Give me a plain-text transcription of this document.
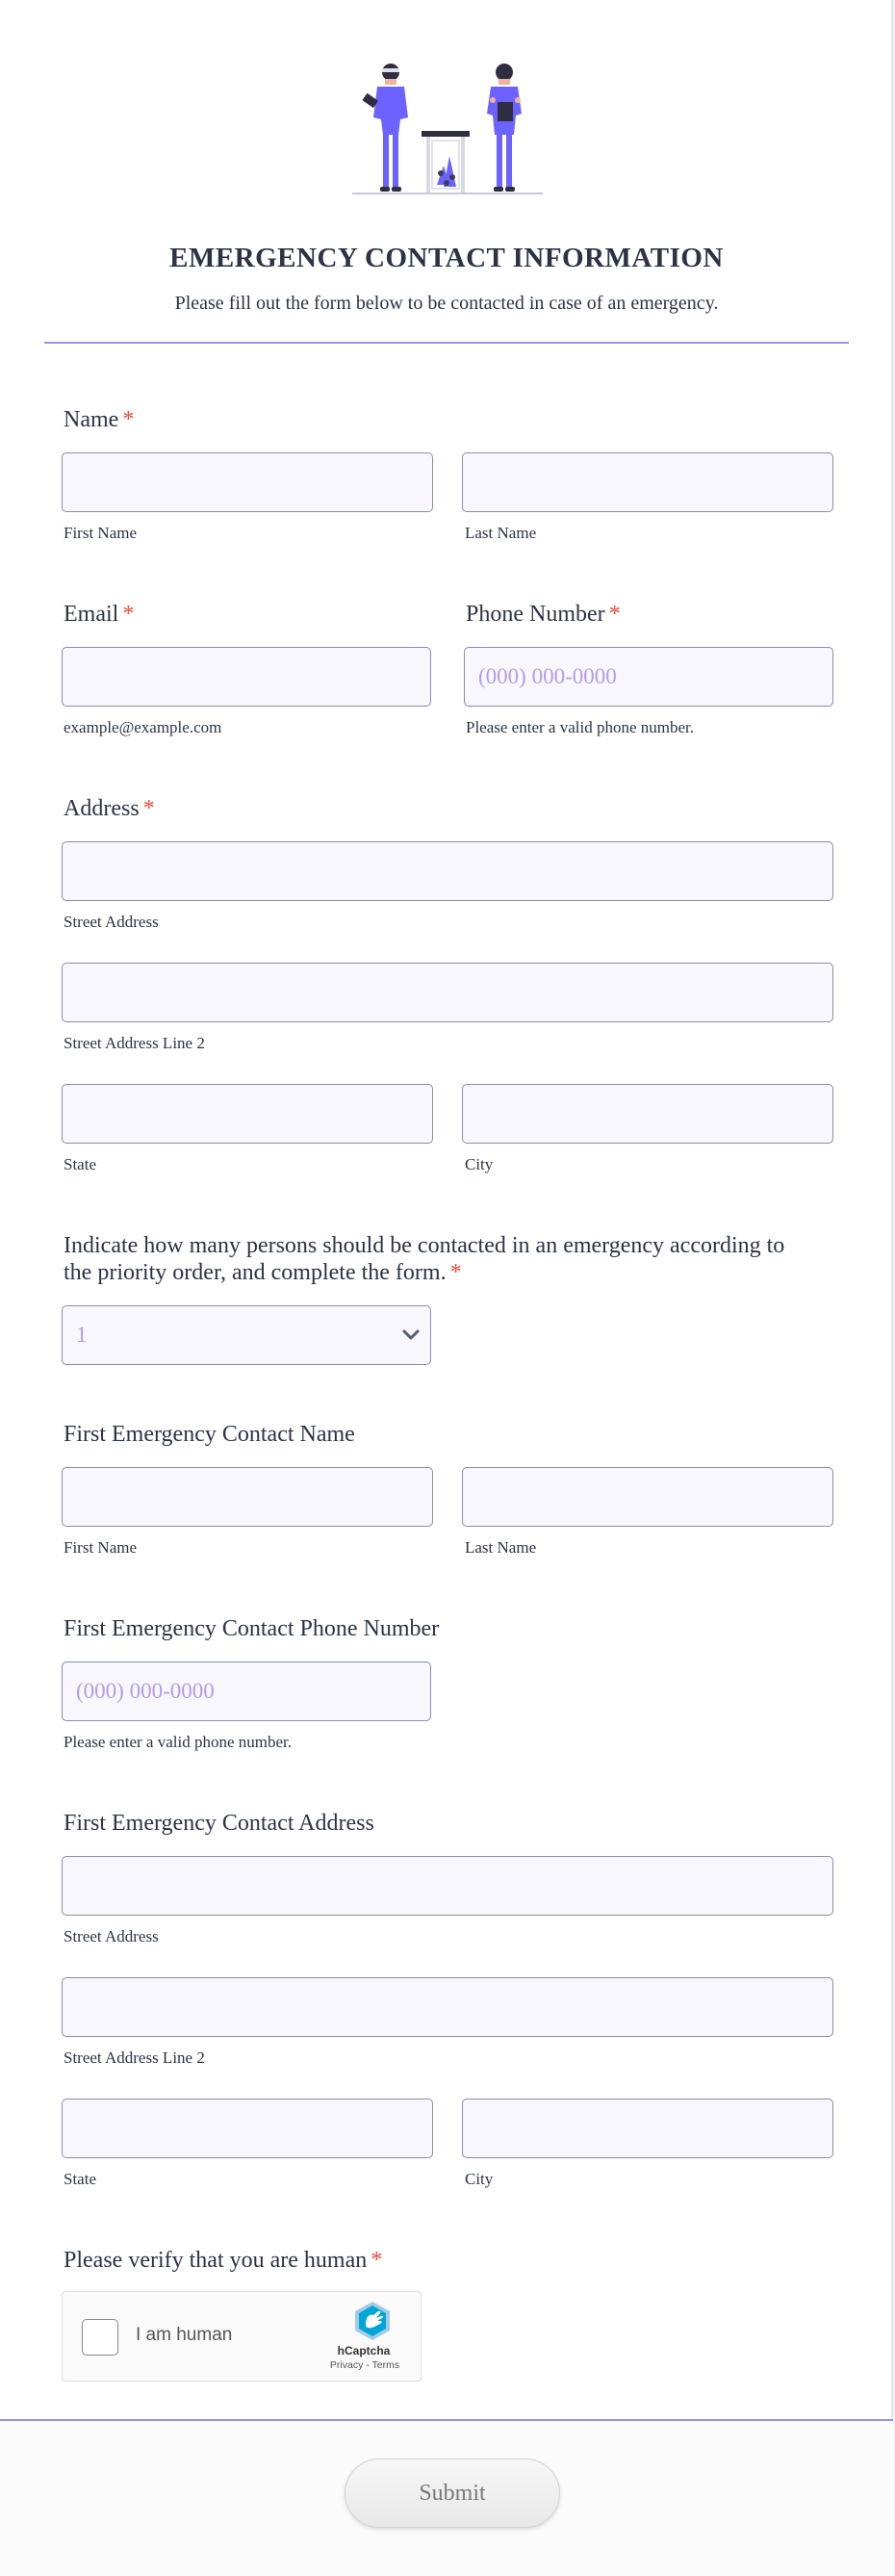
EMERGENCY CONTACT INFORMATION
Please fill out the form below to be contacted in case of an emergency.
Name *
First Name	Last Name
Email *
example@example.com
Phone Number *
(000) 000-0000
Please enter a valid phone number.
Address *
Street Address
Street Address Line 2
State	City
Indicate how many persons should be contacted in an emergency according to
the priority order, and complete the form. *
1
First Emergency Contact Name
First Name	Last Name
First Emergency Contact Phone Number
(000) 000-0000
Please enter a valid phone number.
First Emergency Contact Address
Street Address
Street Address Line 2
State	City
Please verify that you are human *
I am human
hCaptcha
Privacy - Terms
Submit
